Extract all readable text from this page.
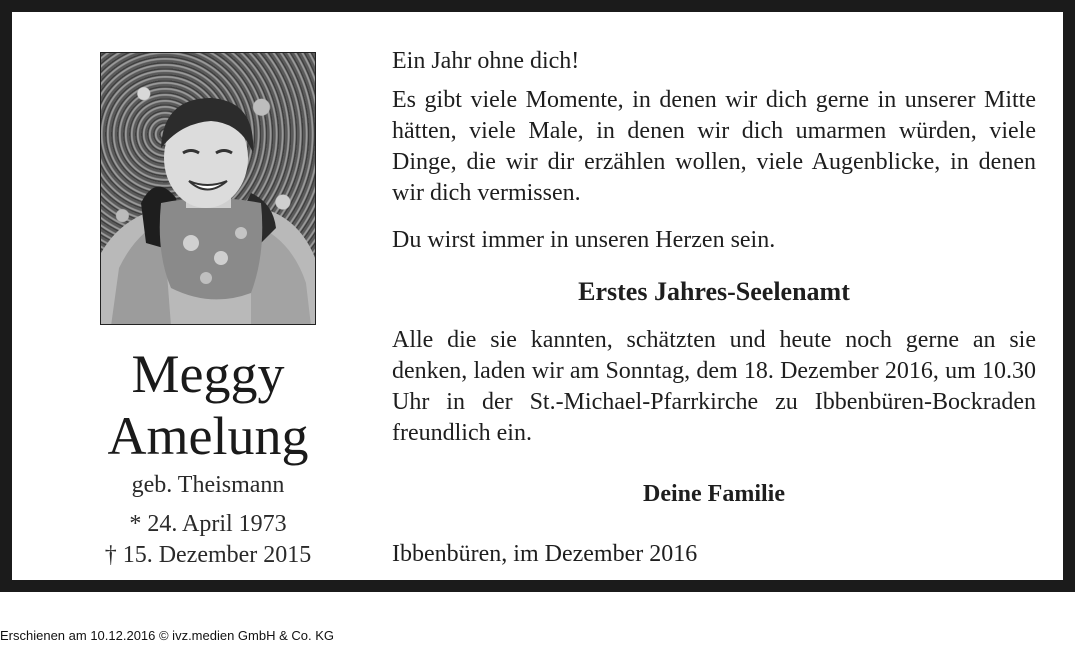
Meggy
Amelung
geb. Theismann
* 24. April 1973
† 15. Dezember 2015

Ein Jahr ohne dich!

Es gibt viele Momente, in denen wir dich gerne in unserer Mitte hätten, viele Male, in denen wir dich umarmen würden, viele Dinge, die wir dir erzählen wollen, viele Augenblicke, in denen wir dich vermissen.

Du wirst immer in unseren Herzen sein.

Erstes Jahres-Seelenamt

Alle die sie kannten, schätzten und heute noch gerne an sie denken, laden wir am Sonntag, dem 18. Dezember 2016, um 10.30 Uhr in der St.-Michael-Pfarrkirche zu Ibbenbüren-Bockraden freundlich ein.

Deine Familie

Ibbenbüren, im Dezember 2016

Erschienen am 10.12.2016 © ivz.medien GmbH & Co. KG
